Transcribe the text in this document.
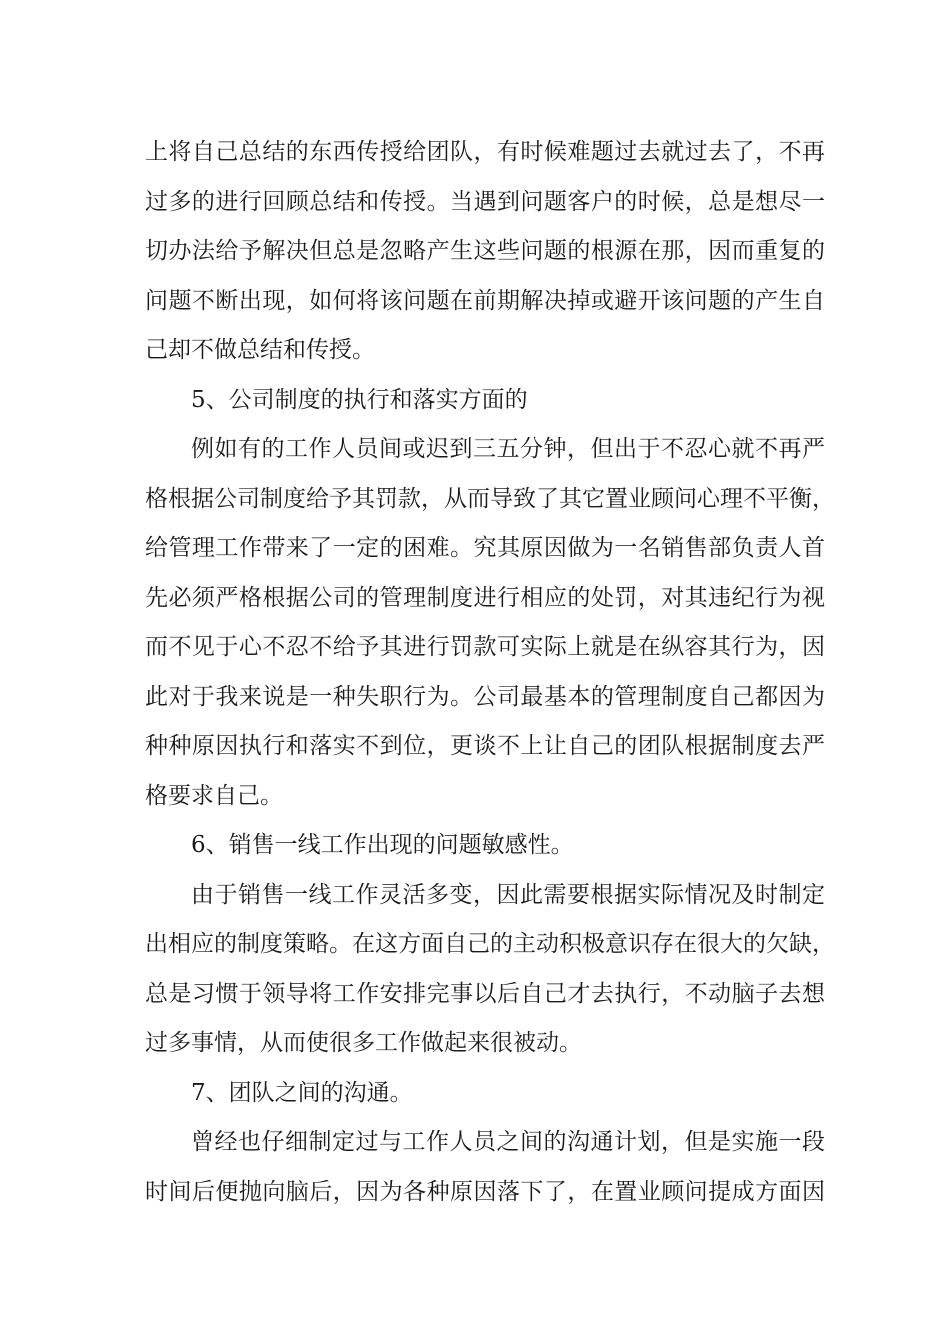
上将自己总结的东西传授给团队，有时候难题过去就过去了，不再
过多的进行回顾总结和传授。当遇到问题客户的时候，总是想尽一
切办法给予解决但总是忽略产生这些问题的根源在那，因而重复的
问题不断出现，如何将该问题在前期解决掉或避开该问题的产生自
己却不做总结和传授。
5、公司制度的执行和落实方面的
例如有的工作人员间或迟到三五分钟，但出于不忍心就不再严
格根据公司制度给予其罚款，从而导致了其它置业顾问心理不平衡，
给管理工作带来了一定的困难。究其原因做为一名销售部负责人首
先必须严格根据公司的管理制度进行相应的处罚，对其违纪行为视
而不见于心不忍不给予其进行罚款可实际上就是在纵容其行为，因
此对于我来说是一种失职行为。公司最基本的管理制度自己都因为
种种原因执行和落实不到位，更谈不上让自己的团队根据制度去严
格要求自己。
6、销售一线工作出现的问题敏感性。
由于销售一线工作灵活多变，因此需要根据实际情况及时制定
出相应的制度策略。在这方面自己的主动积极意识存在很大的欠缺，
总是习惯于领导将工作安排完事以后自己才去执行，不动脑子去想
过多事情，从而使很多工作做起来很被动。
7、团队之间的沟通。
曾经也仔细制定过与工作人员之间的沟通计划，但是实施一段
时间后便抛向脑后，因为各种原因落下了，在置业顾问提成方面因
